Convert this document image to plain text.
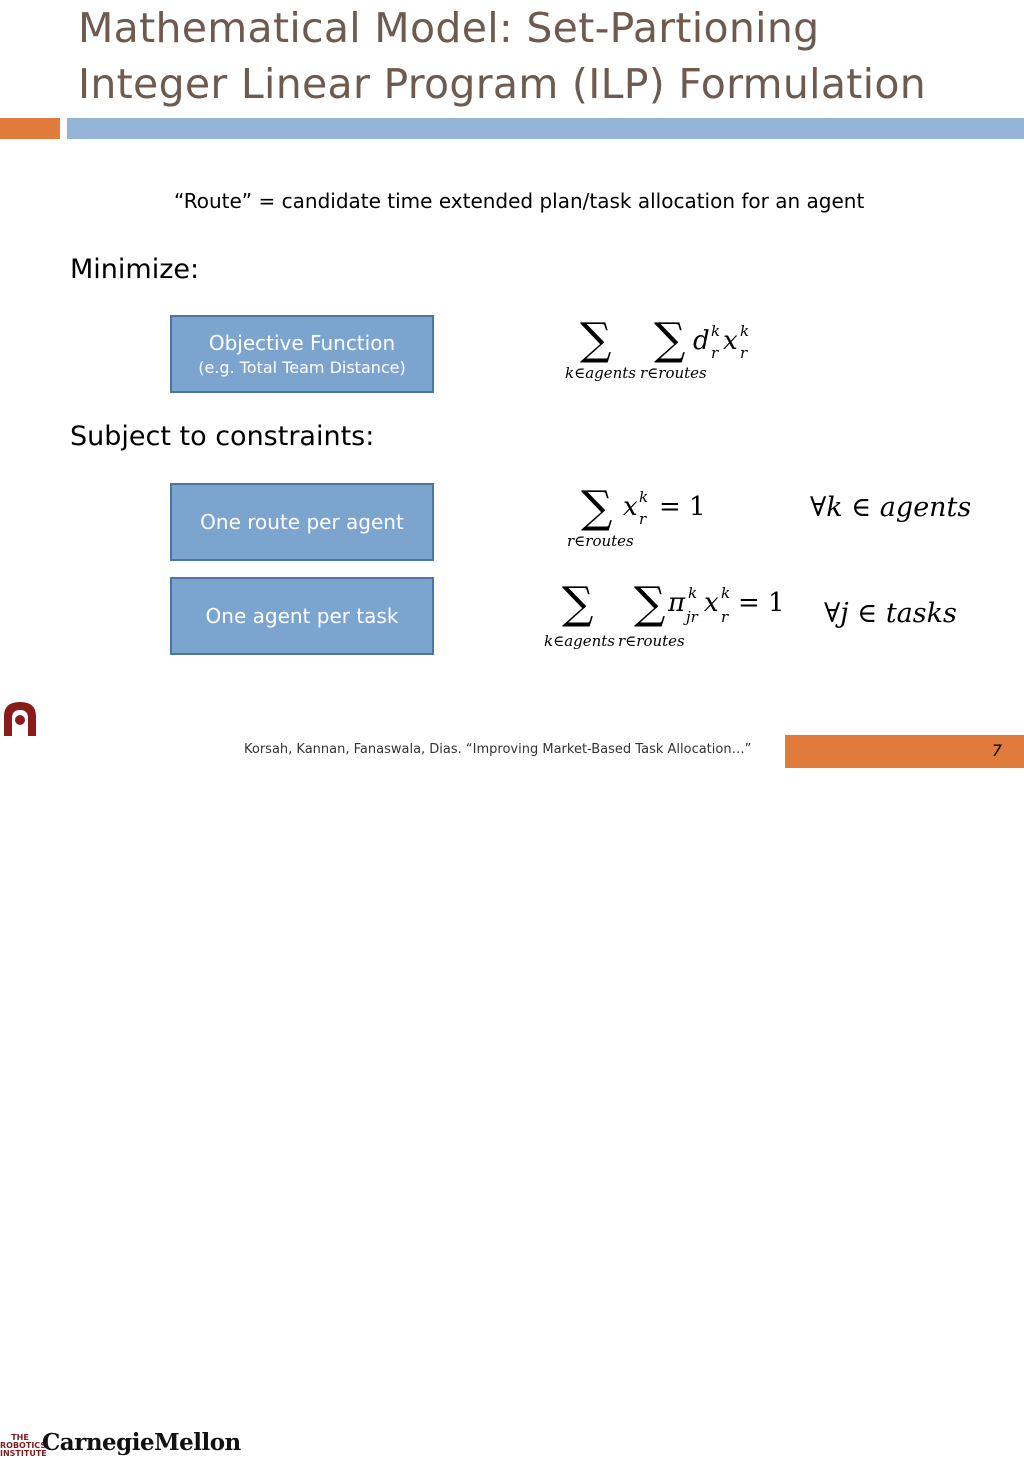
Mathematical Model: Set-Partioning
Integer Linear Program (ILP) Formulation
“Route” = candidate time extended plan/task allocation for an agent
Minimize:
Subject to constraints:
Objective Function
(e.g. Total Team Distance)
One route per agent
One agent per task
∑ ∑ d k
r x k
r
k∈agents r∈routes
∑ x k
r = 1
r∈routes
∀k ∈ agents
∑ ∑ π k
jr x k
r = 1
k∈agents r∈routes
∀j ∈ tasks
THE ROBOTICS INSTITUTE
CarnegieMellon
Korsah, Kannan, Fanaswala, Dias. “Improving Market-Based Task Allocation…”	7
